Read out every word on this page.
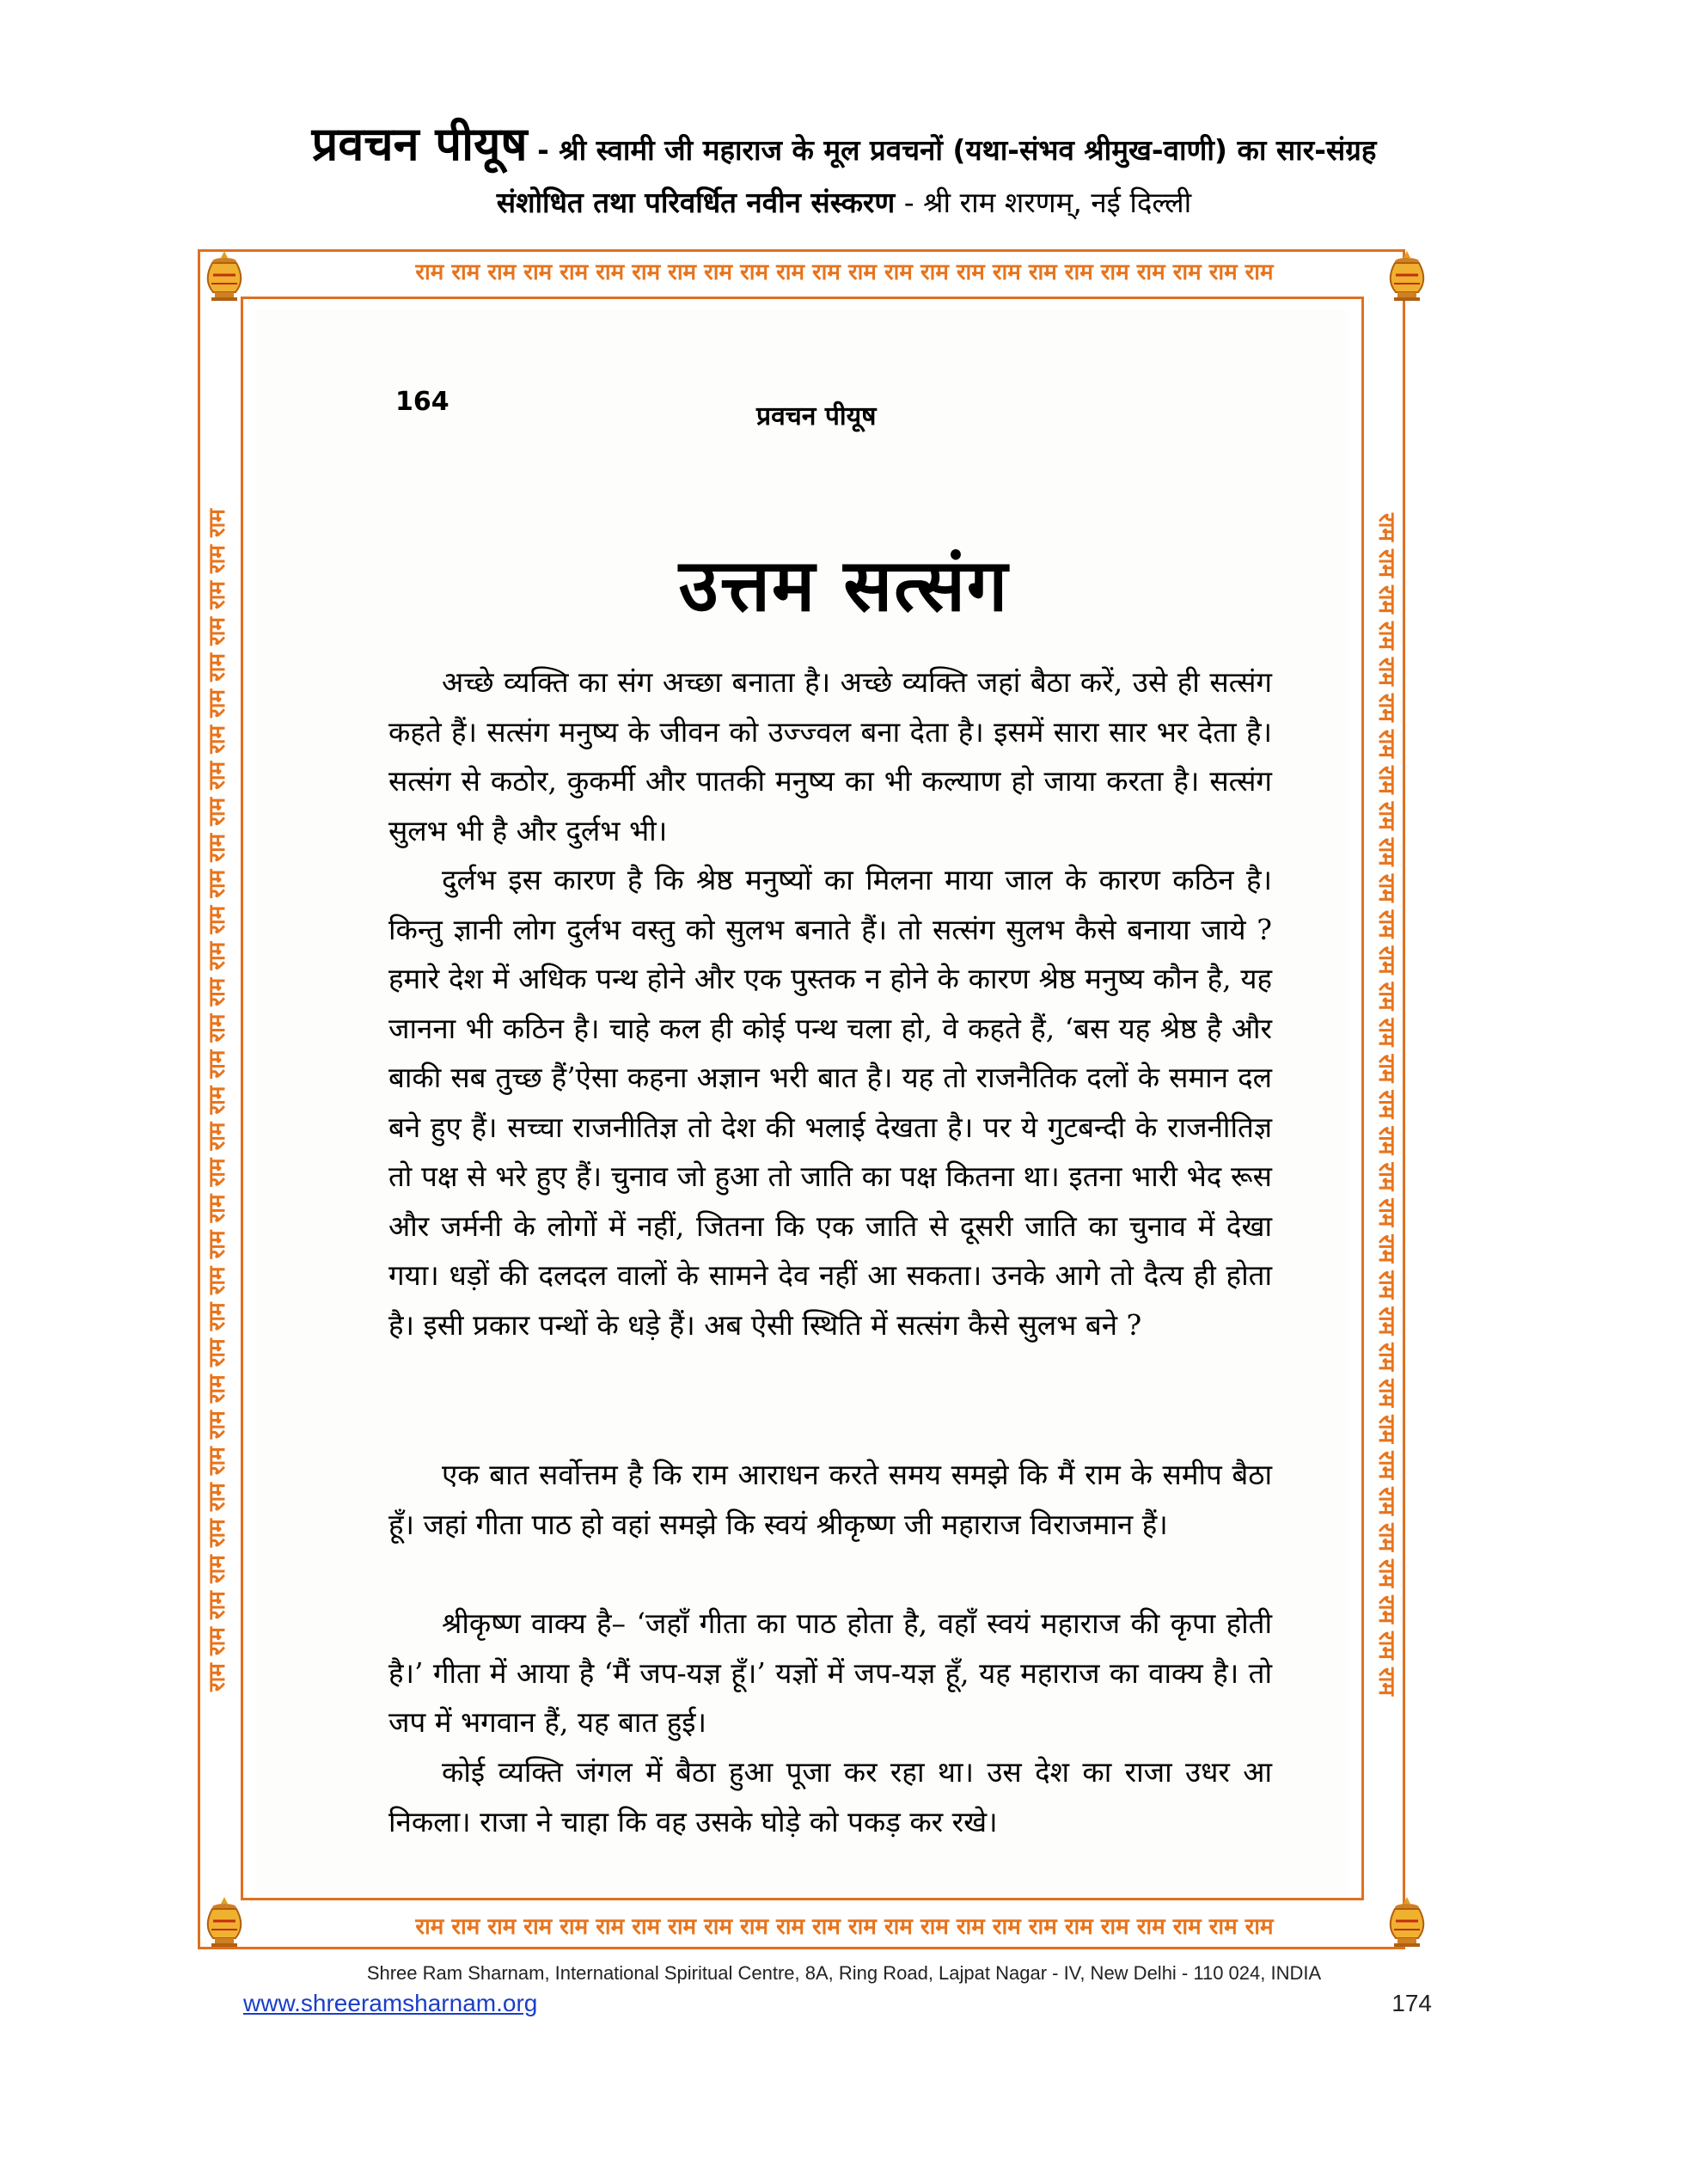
प्रवचन पीयूष - श्री स्वामी जी महाराज के मूल प्रवचनों (यथा-संभव श्रीमुख-वाणी) का सार-संग्रह
संशोधित तथा परिवर्धित नवीन संस्करण - श्री राम शरणम्, नई दिल्ली
राम राम राम राम राम राम राम राम राम राम राम राम राम राम राम राम राम राम राम राम राम राम राम राम
राम राम राम राम राम राम राम राम राम राम राम राम राम राम राम राम राम राम राम राम राम राम राम राम
राम राम राम राम राम राम राम राम राम राम राम राम राम राम राम राम राम राम राम राम राम राम राम राम राम राम राम राम राम राम राम राम राम	राम राम राम राम राम राम राम राम राम राम राम राम राम राम राम राम राम राम राम राम राम राम राम राम राम राम राम राम राम राम राम राम राम
164	प्रवचन पीयूष
उत्तम सत्संग

अच्छे व्यक्ति का संग अच्छा बनाता है। अच्छे व्यक्ति जहां बैठा करें, उसे ही सत्संग कहते हैं। सत्संग मनुष्य के जीवन को उज्ज्वल बना देता है। इसमें सारा सार भर देता है। सत्संग से कठोर, कुकर्मी और पातकी मनुष्य का भी कल्याण हो जाया करता है। सत्संग सुलभ भी है और दुर्लभ भी।

दुर्लभ इस कारण है कि श्रेष्ठ मनुष्यों का मिलना माया जाल के कारण कठिन है। किन्तु ज्ञानी लोग दुर्लभ वस्तु को सुलभ बनाते हैं। तो सत्संग सुलभ कैसे बनाया जाये ? हमारे देश में अधिक पन्थ होने और एक पुस्तक न होने के कारण श्रेष्ठ मनुष्य कौन है, यह जानना भी कठिन है। चाहे कल ही कोई पन्थ चला हो, वे कहते हैं, ‘बस यह श्रेष्ठ है और बाकी सब तुच्छ हैं’ऐसा कहना अज्ञान भरी बात है। यह तो राजनैतिक दलों के समान दल बने हुए हैं। सच्चा राजनीतिज्ञ तो देश की भलाई देखता है। पर ये गुटबन्दी के राजनीतिज्ञ तो पक्ष से भरे हुए हैं। चुनाव जो हुआ तो जाति का पक्ष कितना था। इतना भारी भेद रूस और जर्मनी के लोगों में नहीं, जितना कि एक जाति से दूसरी जाति का चुनाव में देखा गया। धड़ों की दलदल वालों के सामने देव नहीं आ सकता। उनके आगे तो दैत्य ही होता है। इसी प्रकार पन्थों के धड़े हैं। अब ऐसी स्थिति में सत्संग कैसे सुलभ बने ?

एक बात सर्वोत्तम है कि राम आराधन करते समय समझे कि मैं राम के समीप बैठा हूँ। जहां गीता पाठ हो वहां समझे कि स्वयं श्रीकृष्ण जी महाराज विराजमान हैं।

श्रीकृष्ण वाक्य है– ‘जहाँ गीता का पाठ होता है, वहाँ स्वयं महाराज की कृपा होती है।’ गीता में आया है ‘मैं जप-यज्ञ हूँ।’ यज्ञों में जप-यज्ञ हूँ, यह महाराज का वाक्य है। तो जप में भगवान हैं, यह बात हुई।

कोई व्यक्ति जंगल में बैठा हुआ पूजा कर रहा था। उस देश का राजा उधर आ निकला। राजा ने चाहा कि वह उसके घोड़े को पकड़ कर रखे।

Shree Ram Sharnam, International Spiritual Centre, 8A, Ring Road, Lajpat Nagar - IV, New Delhi - 110 024, INDIA
www.shreeramsharnam.org	174
